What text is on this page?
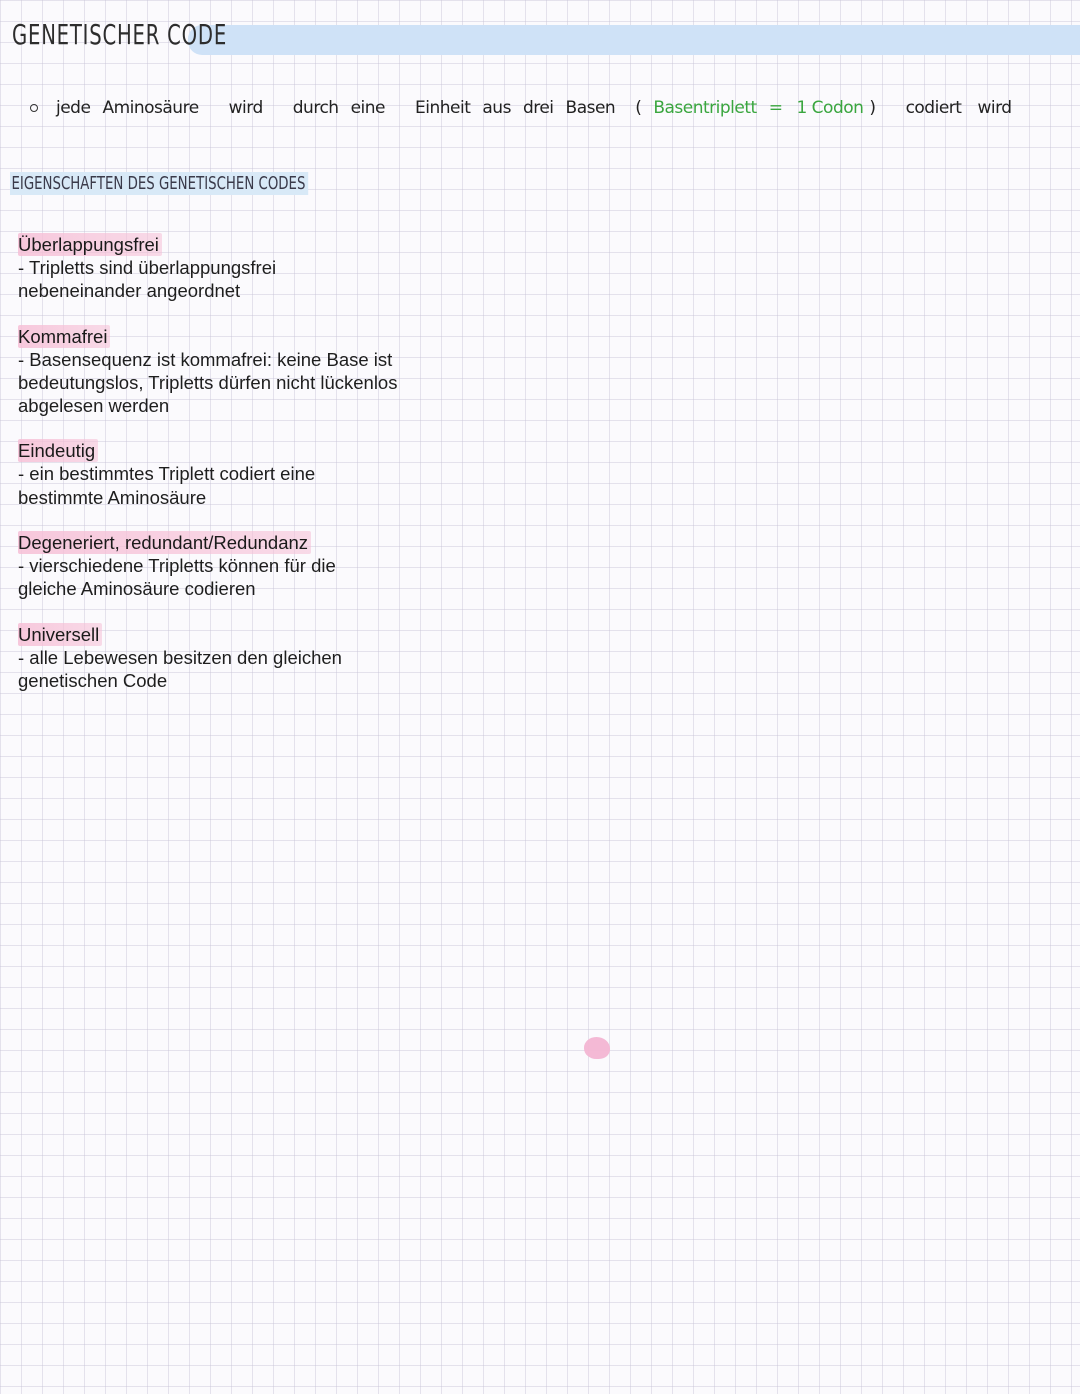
GENETISCHER CODE
jede Aminosäure wird durch eine Einheit aus drei Basen ( Basentriplett = 1 Codon ) codiert wird
EIGENSCHAFTEN DES GENETISCHEN CODES
Überlappungsfrei
- Tripletts sind überlappungsfrei nebeneinander angeordnet
Kommafrei
- Basensequenz ist kommafrei: keine Base ist bedeutungslos, Tripletts dürfen nicht lückenlos abgelesen werden
Eindeutig
- ein bestimmtes Triplett codiert eine bestimmte Aminosäure
Degeneriert, redundant/Redundanz
- vierschiedene Tripletts können für die gleiche Aminosäure codieren
Universell
- alle Lebewesen besitzen den gleichen genetischen Code
